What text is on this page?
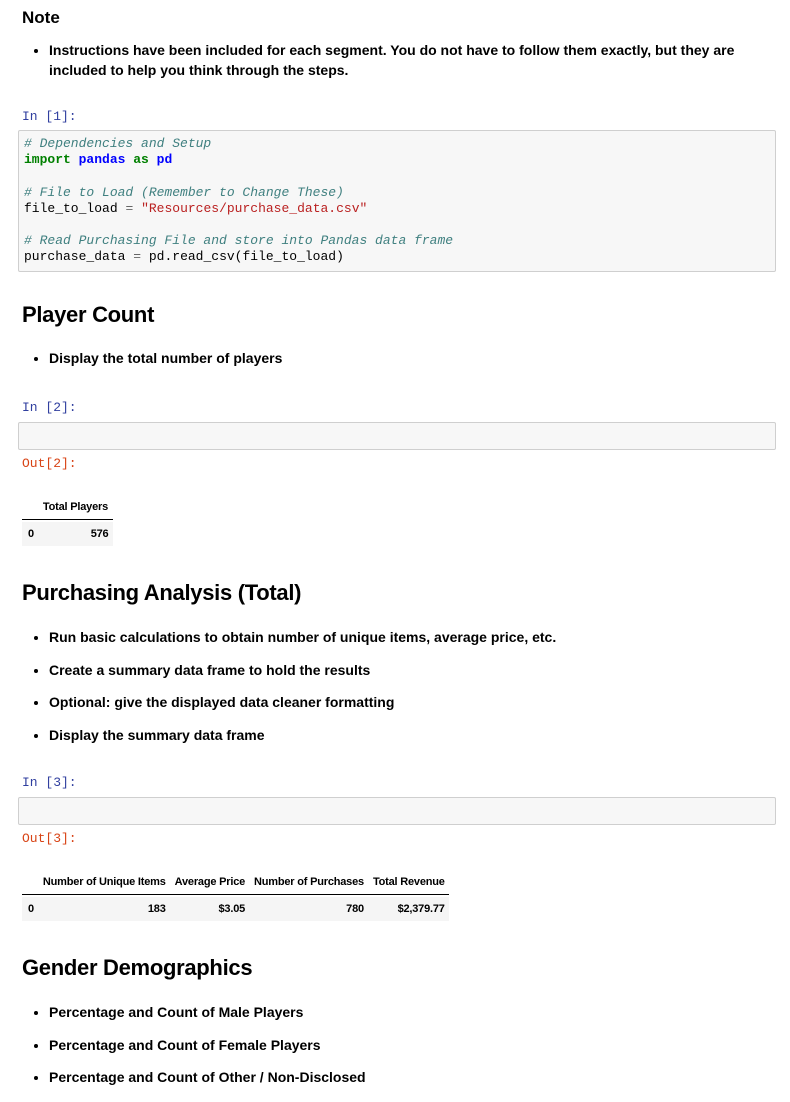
Note
• Instructions have been included for each segment. You do not have to follow them exactly, but they are included to help you think through the steps.
In [1]:
# Dependencies and Setup
import pandas as pd

# File to Load (Remember to Change These)
file_to_load = "Resources/purchase_data.csv"

# Read Purchasing File and store into Pandas data frame
purchase_data = pd.read_csv(file_to_load)
Player Count
• Display the total number of players
In [2]:
Out[2]:
	Total Players

0	576
Purchasing Analysis (Total)
• Run basic calculations to obtain number of unique items, average price, etc.
• Create a summary data frame to hold the results
• Optional: give the displayed data cleaner formatting
• Display the summary data frame
In [3]:
Out[3]:
	Number of Unique Items	Average Price	Number of Purchases	Total Revenue

0	183	$3.05	780	$2,379.77
Gender Demographics
• Percentage and Count of Male Players
• Percentage and Count of Female Players
• Percentage and Count of Other / Non-Disclosed
